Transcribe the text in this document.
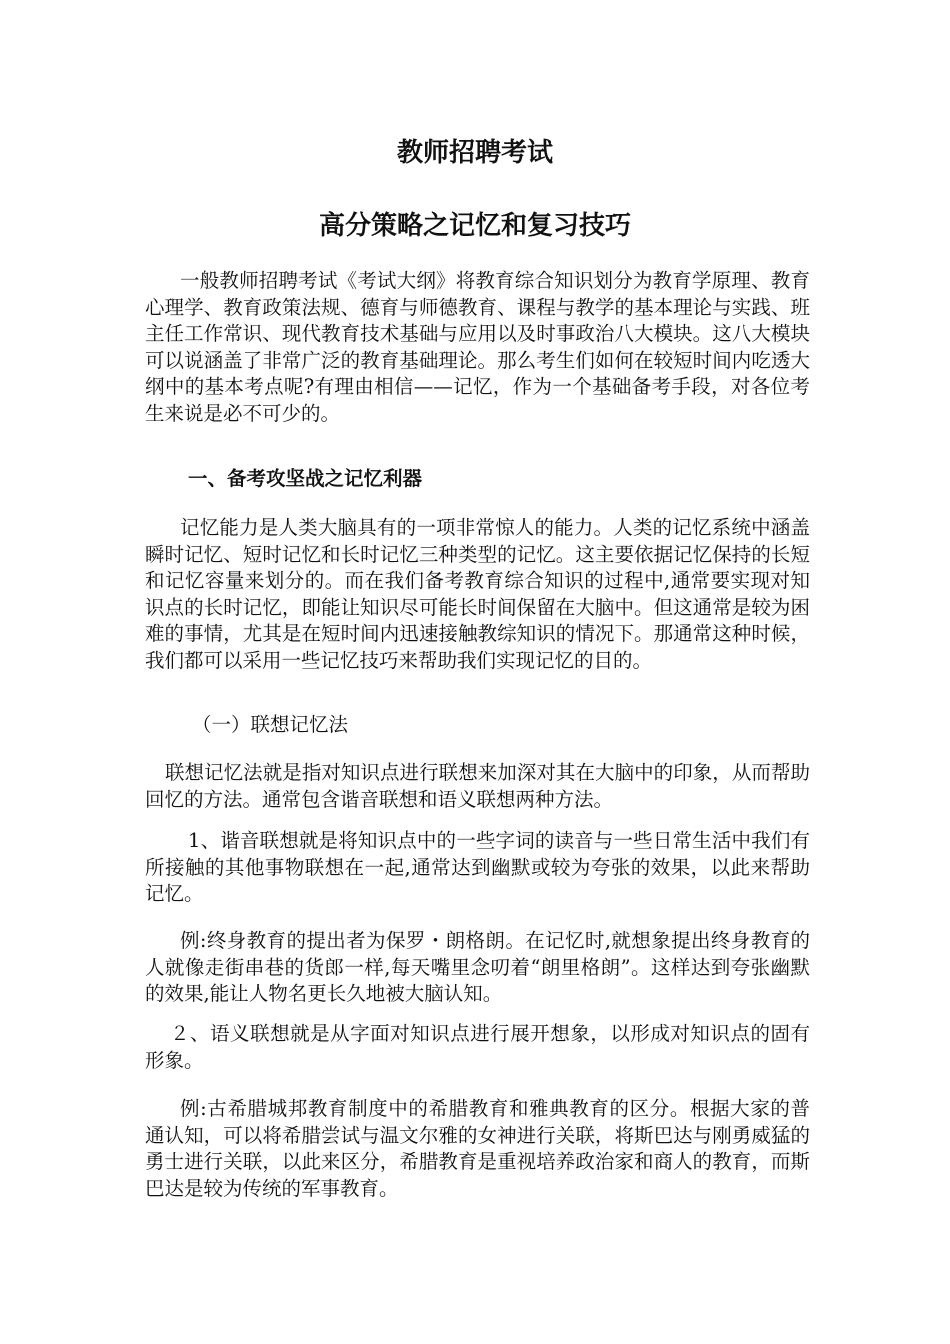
教师招聘考试
高分策略之记忆和复习技巧

一般教师招聘考试《考试大纲》将教育综合知识划分为教育学原理、教育心理学、教育政策法规、德育与师德教育、课程与教学的基本理论与实践、班主任工作常识、现代教育技术基础与应用以及时事政治八大模块。这八大模块可以说涵盖了非常广泛的教育基础理论。那么考生们如何在较短时间内吃透大纲中的基本考点呢?有理由相信——记忆，作为一个基础备考手段，对各位考生来说是必不可少的。

一、备考攻坚战之记忆利器

记忆能力是人类大脑具有的一项非常惊人的能力。人类的记忆系统中涵盖瞬时记忆、短时记忆和长时记忆三种类型的记忆。这主要依据记忆保持的长短和记忆容量来划分的。而在我们备考教育综合知识的过程中,通常要实现对知识点的长时记忆，即能让知识尽可能长时间保留在大脑中。但这通常是较为困难的事情，尤其是在短时间内迅速接触教综知识的情况下。那通常这种时候，我们都可以采用一些记忆技巧来帮助我们实现记忆的目的。

（一）联想记忆法

联想记忆法就是指对知识点进行联想来加深对其在大脑中的印象，从而帮助回忆的方法。通常包含谐音联想和语义联想两种方法。

1、谐音联想就是将知识点中的一些字词的读音与一些日常生活中我们有所接触的其他事物联想在一起,通常达到幽默或较为夸张的效果，以此来帮助记忆。

例:终身教育的提出者为保罗・朗格朗。在记忆时,就想象提出终身教育的人就像走街串巷的货郎一样,每天嘴里念叨着“朗里格朗”。这样达到夸张幽默的效果,能让人物名更长久地被大脑认知。

２、语义联想就是从字面对知识点进行展开想象，以形成对知识点的固有形象。

例:古希腊城邦教育制度中的希腊教育和雅典教育的区分。根据大家的普通认知，可以将希腊尝试与温文尔雅的女神进行关联，将斯巴达与刚勇威猛的勇士进行关联，以此来区分，希腊教育是重视培养政治家和商人的教育，而斯巴达是较为传统的军事教育。
